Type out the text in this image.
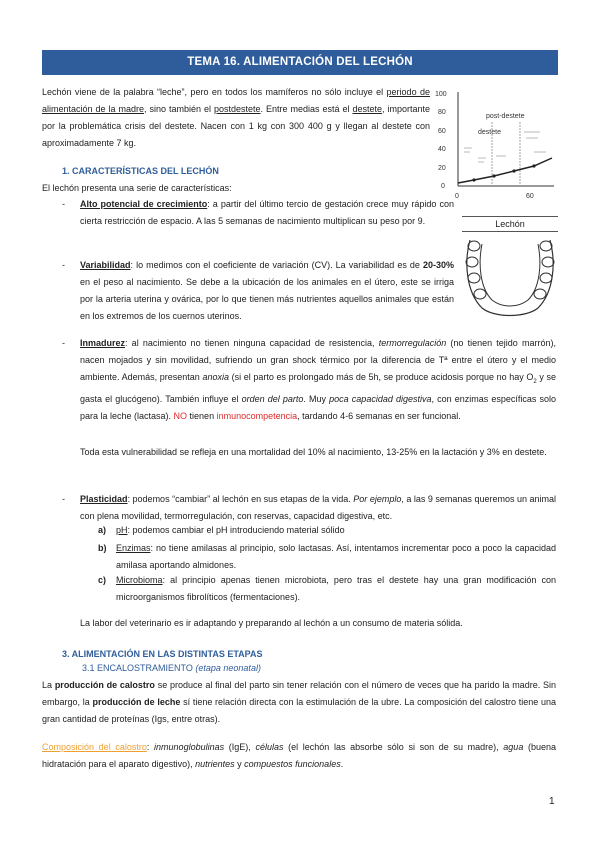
TEMA 16. ALIMENTACIÓN DEL LECHÓN

Lechón viene de la palabra “leche”, pero en todos los mamíferos no sólo incluye el periodo de alimentación de la madre, sino también el postdestete. Entre medias está el destete, importante por la problemática crisis del destete. Nacen con 1 kg con 300 400 g y llegan al destete con aproximadamente 7 kg.

100
80
60
40
20
0
0	60
post-destete
destete
Lechón
1. CARACTERÍSTICAS DEL LECHÓN
El lechón presenta una serie de características:
- Alto potencial de crecimiento: a partir del último tercio de gestación crece muy rápido con cierta restricción de espacio. A las 5 semanas de nacimiento multiplican su peso por 9.

- Variabilidad: lo medimos con el coeficiente de variación (CV). La variabilidad es de 20-30% en el peso al nacimiento. Se debe a la ubicación de los animales en el útero, este se irriga por la arteria uterina y ovárica, por lo que tienen más nutrientes aquellos animales que están en los extremos de los cuernos uterinos.

- Inmadurez: al nacimiento no tienen ninguna capacidad de resistencia, termorregulación (no tienen tejido marrón), nacen mojados y sin movilidad, sufriendo un gran shock térmico por la diferencia de Tª entre el útero y el medio ambiente. Además, presentan anoxia (si el parto es prolongado más de 5h, se produce acidosis porque no hay $O_2$ y se gasta el glucógeno). También influye el orden del parto. Muy poca capacidad digestiva, con enzimas específicas solo para la leche (lactasa). NO tienen inmunocompetencia, tardando 4-6 semanas en ser funcional.

Toda esta vulnerabilidad se refleja en una mortalidad del 10% al nacimiento, 13-25% en la lactación y 3% en destete.

- Plasticidad: podemos “cambiar” al lechón en sus etapas de la vida. Por ejemplo, a las 9 semanas queremos un animal con plena movilidad, termorregulación, con reservas, capacidad digestiva, etc.

a) pH: podemos cambiar el pH introduciendo material sólido

b) Enzimas: no tiene amilasas al principio, solo lactasas. Así, intentamos incrementar poco a poco la capacidad amilasa aportando almidones.

c) Microbioma: al principio apenas tienen microbiota, pero tras el destete hay una gran modificación con microorganismos fibrolíticos (fermentaciones).

La labor del veterinario es ir adaptando y preparando al lechón a un consumo de materia sólida.

3. ALIMENTACIÓN EN LAS DISTINTAS ETAPAS
3.1 ENCALOSTRAMIENTO (etapa neonatal)

La producción de calostro se produce al final del parto sin tener relación con el número de veces que ha parido la madre. Sin embargo, la producción de leche sí tiene relación directa con la estimulación de la ubre. La composición del calostro tiene una gran cantidad de proteínas (Igs, entre otras).

Composición del calostro: inmunoglobulinas (IgE), células (el lechón las absorbe sólo si son de su madre), agua (buena hidratación para el aparato digestivo), nutrientes y compuestos funcionales.

1
